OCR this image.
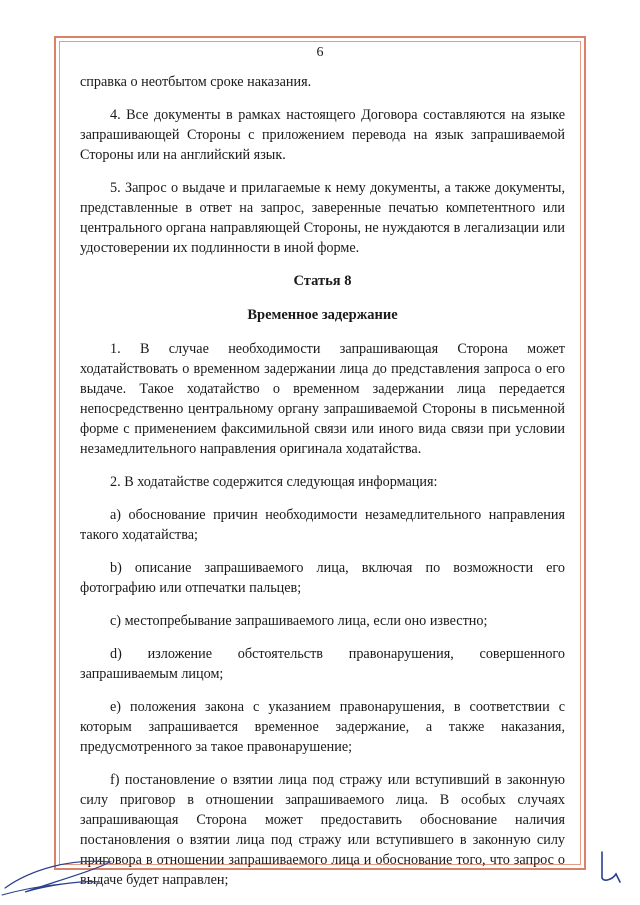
6

справка о неотбытом сроке наказания.

4. Все документы в рамках настоящего Договора составляются на языке запрашивающей Стороны с приложением перевода на язык запрашиваемой Стороны или на английский язык.

5. Запрос о выдаче и прилагаемые к нему документы, а также документы, представленные в ответ на запрос, заверенные печатью компетентного или центрального органа направляющей Стороны, не нуждаются в легализации или удостоверении их подлинности в иной форме.

Статья 8
Временное задержание

1. В случае необходимости запрашивающая Сторона может ходатайствовать о временном задержании лица до представления запроса о его выдаче. Такое ходатайство о временном задержании лица передается непосредственно центральному органу запрашиваемой Стороны в письменной форме с применением факсимильной связи или иного вида связи при условии незамедлительного направления оригинала ходатайства.

2. В ходатайстве содержится следующая информация:

a) обоснование причин необходимости незамедлительного направления такого ходатайства;

b) описание запрашиваемого лица, включая по возможности его фотографию или отпечатки пальцев;

c) местопребывание запрашиваемого лица, если оно известно;

d) изложение обстоятельств правонарушения, совершенного запрашиваемым лицом;

e) положения закона с указанием правонарушения, в соответствии с которым запрашивается временное задержание, а также наказания, предусмотренного за такое правонарушение;

f) постановление о взятии лица под стражу или вступивший в законную силу приговор в отношении запрашиваемого лица. В особых случаях запрашивающая Сторона может предоставить обоснование наличия постановления о взятии лица под стражу или вступившего в законную силу приговора в отношении запрашиваемого лица и обоснование того, что запрос о выдаче будет направлен;
